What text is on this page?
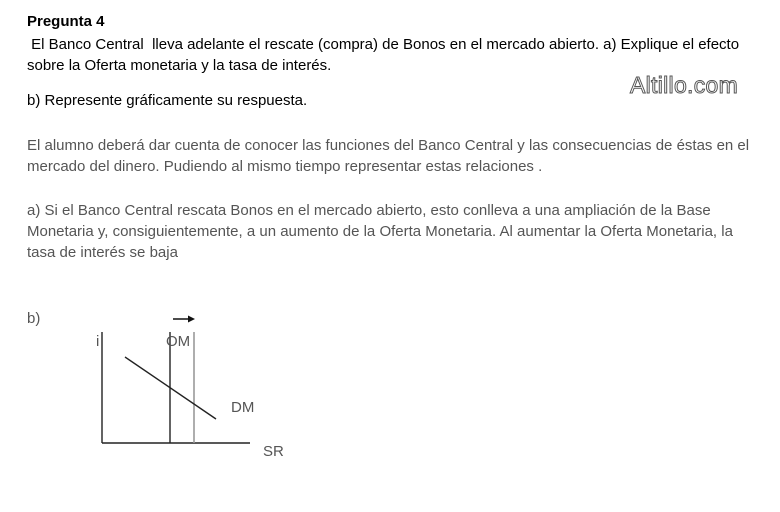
Pregunta 4
El Banco Central  lleva adelante el rescate (compra) de Bonos en el mercado abierto. a) Explique el efecto sobre la Oferta monetaria y la tasa de interés.
b) Represente gráficamente su respuesta.
Altillo.com
El alumno deberá dar cuenta de conocer las funciones del Banco Central y las consecuencias de éstas en el mercado del dinero. Pudiendo al mismo tiempo representar estas relaciones .
a) Si el Banco Central rescata Bonos en el mercado abierto, esto conlleva a una ampliación de la Base Monetaria y, consiguientemente, a un aumento de la Oferta Monetaria. Al aumentar la Oferta Monetaria, la tasa de interés se baja
b)
i	OM
DM
SR
